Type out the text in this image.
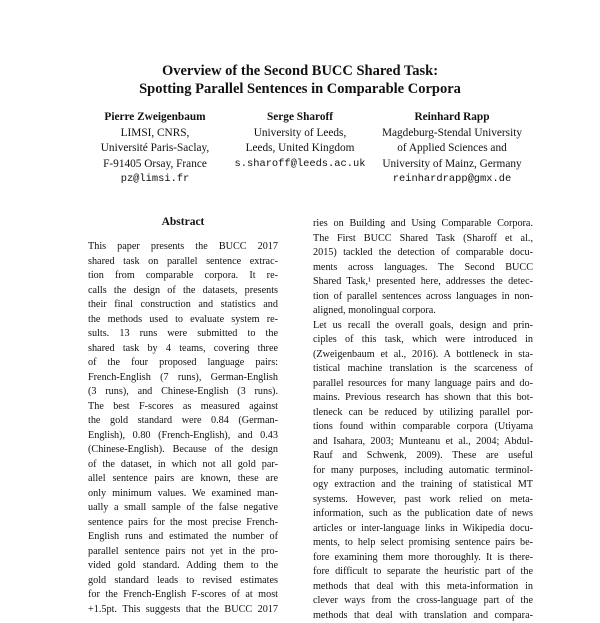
Overview of the Second BUCC Shared Task:
Spotting Parallel Sentences in Comparable Corpora
Pierre Zweigenbaum
LIMSI, CNRS,
Université Paris-Saclay,
F-91405 Orsay, France
pz@limsi.fr
Serge Sharoff
University of Leeds,
Leeds, United Kingdom
s.sharoff@leeds.ac.uk
Reinhard Rapp
Magdeburg-Stendal University
of Applied Sciences and
University of Mainz, Germany
reinhardrapp@gmx.de
Abstract
This paper presents the BUCC 2017
shared task on parallel sentence extrac-
tion from comparable corpora. It re-
calls the design of the datasets, presents
their final construction and statistics and
the methods used to evaluate system re-
sults. 13 runs were submitted to the
shared task by 4 teams, covering three
of the four proposed language pairs:
French-English (7 runs), German-English
(3 runs), and Chinese-English (3 runs).
The best F-scores as measured against
the gold standard were 0.84 (German-
English), 0.80 (French-English), and 0.43
(Chinese-English). Because of the design
of the dataset, in which not all gold par-
allel sentence pairs are known, these are
only minimum values. We examined man-
ually a small sample of the false negative
sentence pairs for the most precise French-
English runs and estimated the number of
parallel sentence pairs not yet in the pro-
vided gold standard. Adding them to the
gold standard leads to revised estimates
for the French-English F-scores of at most
+1.5pt. This suggests that the BUCC 2017
ries on Building and Using Comparable Corpora.
The First BUCC Shared Task (Sharoff et al.,
2015) tackled the detection of comparable docu-
ments across languages. The Second BUCC
Shared Task,¹ presented here, addresses the detec-
tion of parallel sentences across languages in non-
aligned, monolingual corpora.
Let us recall the overall goals, design and prin-
ciples of this task, which were introduced in
(Zweigenbaum et al., 2016). A bottleneck in sta-
tistical machine translation is the scarceness of
parallel resources for many language pairs and do-
mains. Previous research has shown that this bot-
tleneck can be reduced by utilizing parallel por-
tions found within comparable corpora (Utiyama
and Isahara, 2003; Munteanu et al., 2004; Abdul-
Rauf and Schwenk, 2009). These are useful
for many purposes, including automatic terminol-
ogy extraction and the training of statistical MT
systems. However, past work relied on meta-
information, such as the publication date of news
articles or inter-language links in Wikipedia docu-
ments, to help select promising sentence pairs be-
fore examining them more thoroughly. It is there-
fore difficult to separate the heuristic part of the
methods that deal with this meta-information in
clever ways from the cross-language part of the
methods that deal with translation and compara-
